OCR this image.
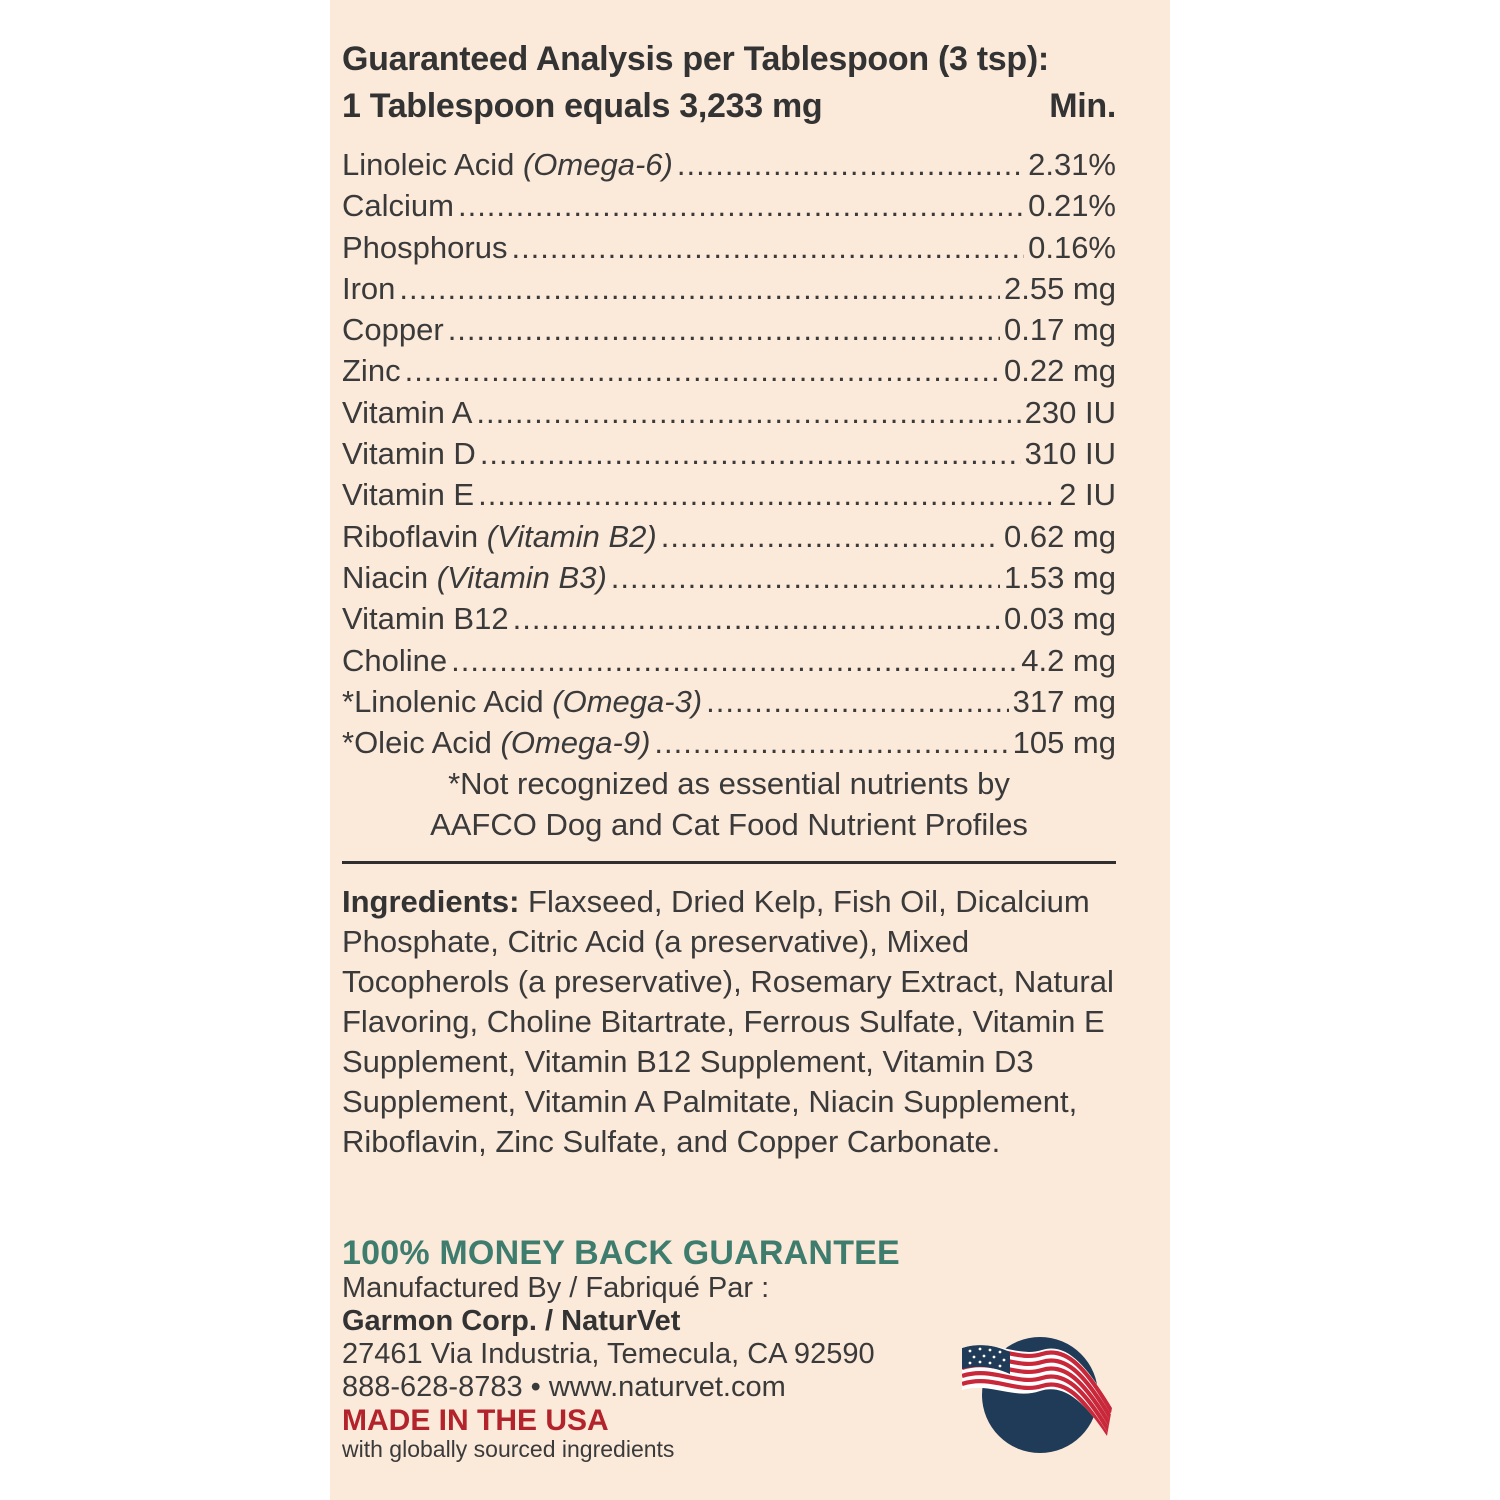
Guaranteed Analysis per Tablespoon (3 tsp):
1 Tablespoon equals 3,233 mg	Min.
Linoleic Acid (Omega-6) .....	2.31%
Calcium .....	0.21%
Phosphorus .....	0.16%
Iron .....	2.55 mg
Copper .....	0.17 mg
Zinc .....	0.22 mg
Vitamin A .....	230 IU
Vitamin D .....	310 IU
Vitamin E .....	2 IU
Riboflavin (Vitamin B2) .....	0.62 mg
Niacin (Vitamin B3) .....	1.53 mg
Vitamin B12 .....	0.03 mg
Choline .....	4.2 mg
*Linolenic Acid (Omega-3) .....	317 mg
*Oleic Acid (Omega-9) .....	105 mg
*Not recognized as essential nutrients by
AAFCO Dog and Cat Food Nutrient Profiles
Ingredients: Flaxseed, Dried Kelp, Fish Oil, Dicalcium Phosphate, Citric Acid (a preservative), Mixed Tocopherols (a preservative), Rosemary Extract, Natural Flavoring, Choline Bitartrate, Ferrous Sulfate, Vitamin E Supplement, Vitamin B12 Supplement, Vitamin D3 Supplement, Vitamin A Palmitate, Niacin Supplement, Riboflavin, Zinc Sulfate, and Copper Carbonate.
100% MONEY BACK GUARANTEE
Manufactured By / Fabriqué Par :
Garmon Corp. / NaturVet
27461 Via Industria, Temecula, CA 92590
888-628-8783 • www.naturvet.com
MADE IN THE USA
with globally sourced ingredients
